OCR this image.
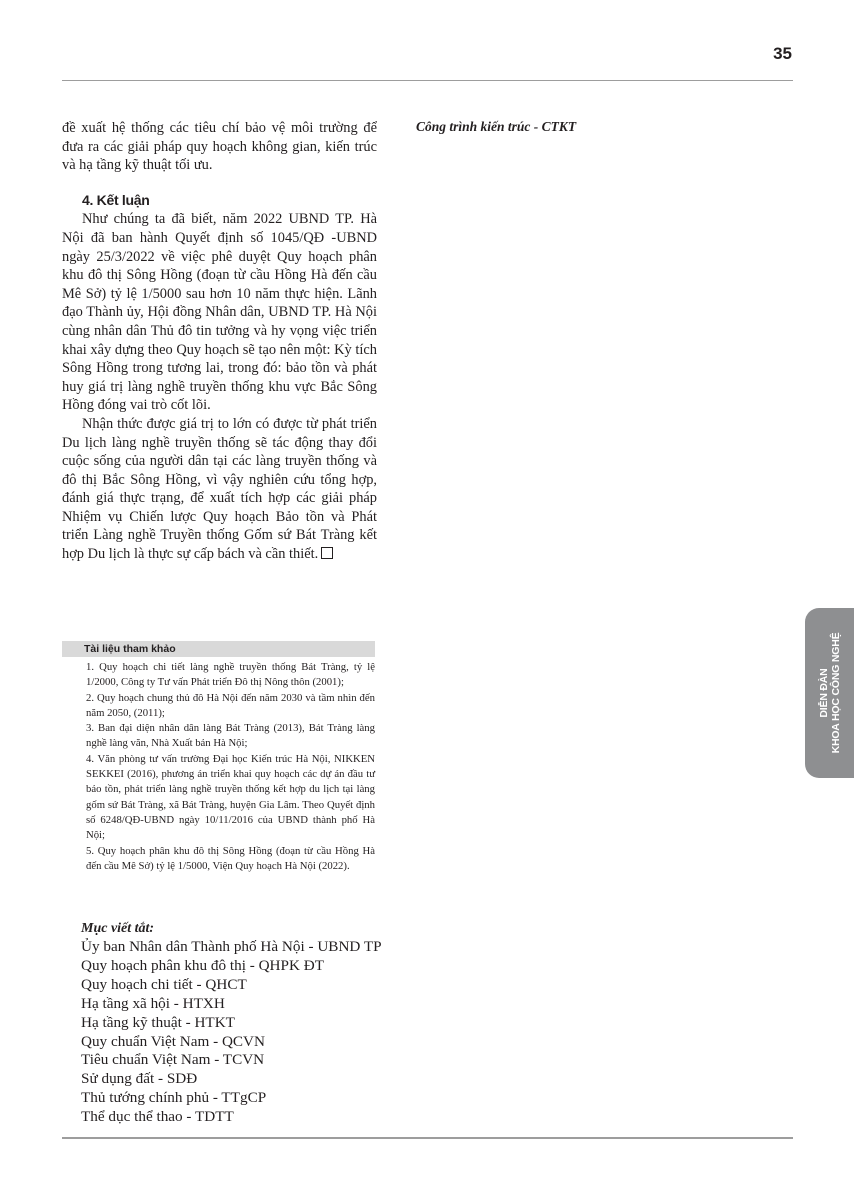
35

đề xuất hệ thống các tiêu chí bảo vệ môi trường để đưa ra các giải pháp quy hoạch không gian, kiến trúc và hạ tầng kỹ thuật tối ưu.

4. Kết luận

Như chúng ta đã biết, năm 2022 UBND TP. Hà Nội đã ban hành Quyết định số 1045/QĐ -UBND ngày 25/3/2022 về việc phê duyệt Quy hoạch phân khu đô thị Sông Hồng (đoạn từ cầu Hồng Hà đến cầu Mê Sở) tỷ lệ 1/5000 sau hơn 10 năm thực hiện. Lãnh đạo Thành ủy, Hội đồng Nhân dân, UBND TP. Hà Nội cùng nhân dân Thủ đô tin tưởng và hy vọng việc triển khai xây dựng theo Quy hoạch sẽ tạo nên một: Kỳ tích Sông Hồng trong tương lai, trong đó: bảo tồn và phát huy giá trị làng nghề truyền thống khu vực Bắc Sông Hồng đóng vai trò cốt lõi.

Nhận thức được giá trị to lớn có được từ phát triển Du lịch làng nghề truyền thống sẽ tác động thay đổi cuộc sống của người dân tại các làng truyền thống và đô thị Bắc Sông Hồng, vì vậy nghiên cứu tổng hợp, đánh giá thực trạng, để xuất tích hợp các giải pháp Nhiệm vụ Chiến lược Quy hoạch Bảo tồn và Phát triển Làng nghề Truyền thống Gốm sứ Bát Tràng kết hợp Du lịch là thực sự cấp bách và cần thiết.

Công trình kiến trúc - CTKT
Tài liệu tham khảo
1. Quy hoạch chi tiết làng nghề truyền thống Bát Tràng, tỷ lệ 1/2000, Công ty Tư vấn Phát triển Đô thị Nông thôn (2001);
2. Quy hoạch chung thủ đô Hà Nội đến năm 2030 và tầm nhìn đến năm 2050, (2011);
3. Ban đại diện nhân dân làng Bát Tràng (2013), Bát Tràng làng nghề làng văn, Nhà Xuất bản Hà Nội;
4. Văn phòng tư vấn trường Đại học Kiến trúc Hà Nội, NIKKEN SEKKEI (2016), phương án triển khai quy hoạch các dự án đầu tư bảo tồn, phát triển làng nghề truyền thống kết hợp du lịch tại làng gốm sứ Bát Tràng, xã Bát Tràng, huyện Gia Lâm. Theo Quyết định số 6248/QĐ-UBND ngày 10/11/2016 của UBND thành phố Hà Nội;
5. Quy hoạch phân khu đô thị Sông Hồng (đoạn từ cầu Hồng Hà đến cầu Mê Sở) tỷ lệ 1/5000, Viện Quy hoạch Hà Nội (2022).
Mục viết tắt:
Ủy ban Nhân dân Thành phố Hà Nội - UBND TP
Quy hoạch phân khu đô thị - QHPK ĐT
Quy hoạch chi tiết - QHCT
Hạ tầng xã hội - HTXH
Hạ tầng kỹ thuật - HTKT
Quy chuẩn Việt Nam - QCVN
Tiêu chuẩn Việt Nam - TCVN
Sử dụng đất - SDĐ
Thủ tướng chính phủ - TTgCP
Thể dục thể thao - TDTT
DIỄN ĐÀN KHOA HỌC CÔNG NGHỆ
